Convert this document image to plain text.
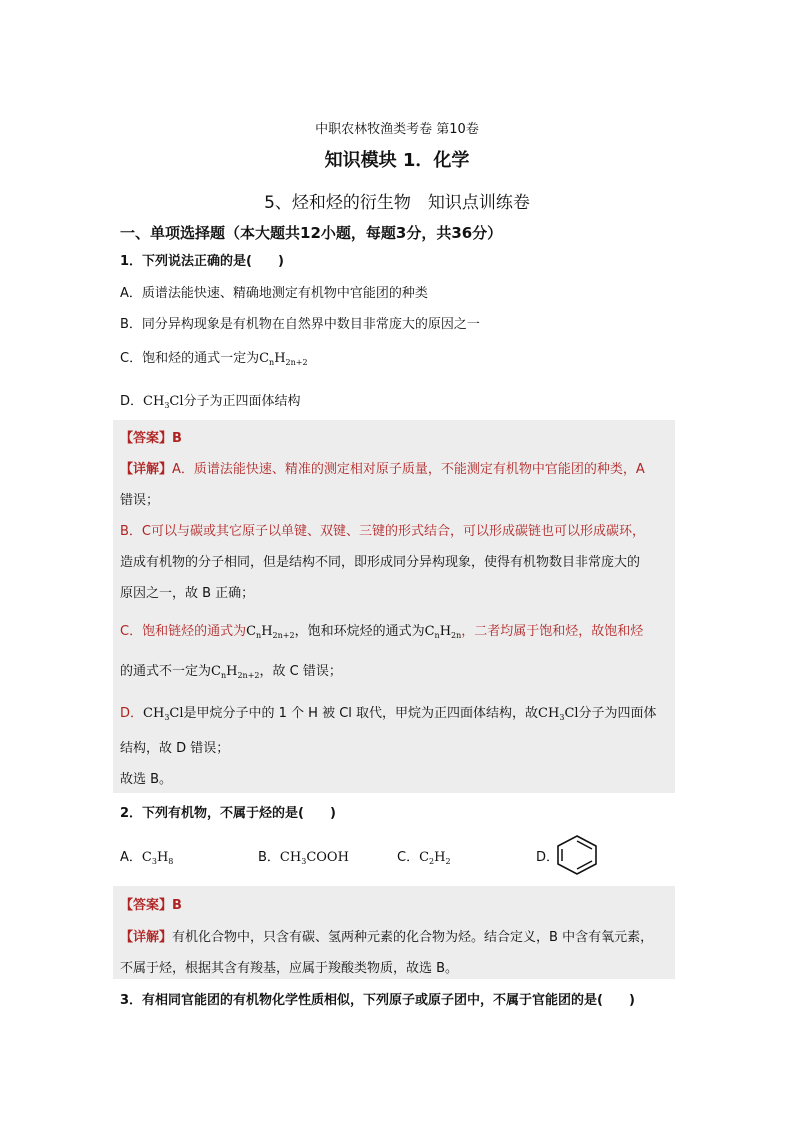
中职农林牧渔类考卷 第10卷
知识模块 1．化学
5、烃和烃的衍生物　知识点训练卷
一、单项选择题（本大题共12小题，每题3分，共36分）
1．下列说法正确的是(　　)
A．质谱法能快速、精确地测定有机物中官能团的种类
B．同分异构现象是有机物在自然界中数目非常庞大的原因之一
C．饱和烃的通式一定为$C_nH_{2n+2}$
D．$CH_3Cl$分子为正四面体结构
【答案】B
【详解】A．质谱法能快速、精准的测定相对原子质量，不能测定有机物中官能团的种类，A
错误；
B．C可以与碳或其它原子以单键、双键、三键的形式结合，可以形成碳链也可以形成碳环，
造成有机物的分子相同，但是结构不同，即形成同分异构现象，使得有机物数目非常庞大的
原因之一，故 B 正确；
C．饱和链烃的通式为$C_nH_{2n+2}$，饱和环烷烃的通式为$C_nH_{2n}$，二者均属于饱和烃，故饱和烃
的通式不一定为$C_nH_{2n+2}$，故 C 错误；
D．$CH_3Cl$是甲烷分子中的 1 个 H 被 Cl 取代，甲烷为正四面体结构，故$CH_3Cl$分子为四面体
结构，故 D 错误；
故选 B。
2．下列有机物，不属于烃的是(　　)
A．$C_3H_8$	B．$CH_3COOH$	C．$C_2H_2$	D．
【答案】B
【详解】有机化合物中，只含有碳、氢两种元素的化合物为烃。结合定义，B 中含有氧元素，
不属于烃，根据其含有羧基，应属于羧酸类物质，故选 B。
3．有相同官能团的有机物化学性质相似，下列原子或原子团中，不属于官能团的是(　　)
